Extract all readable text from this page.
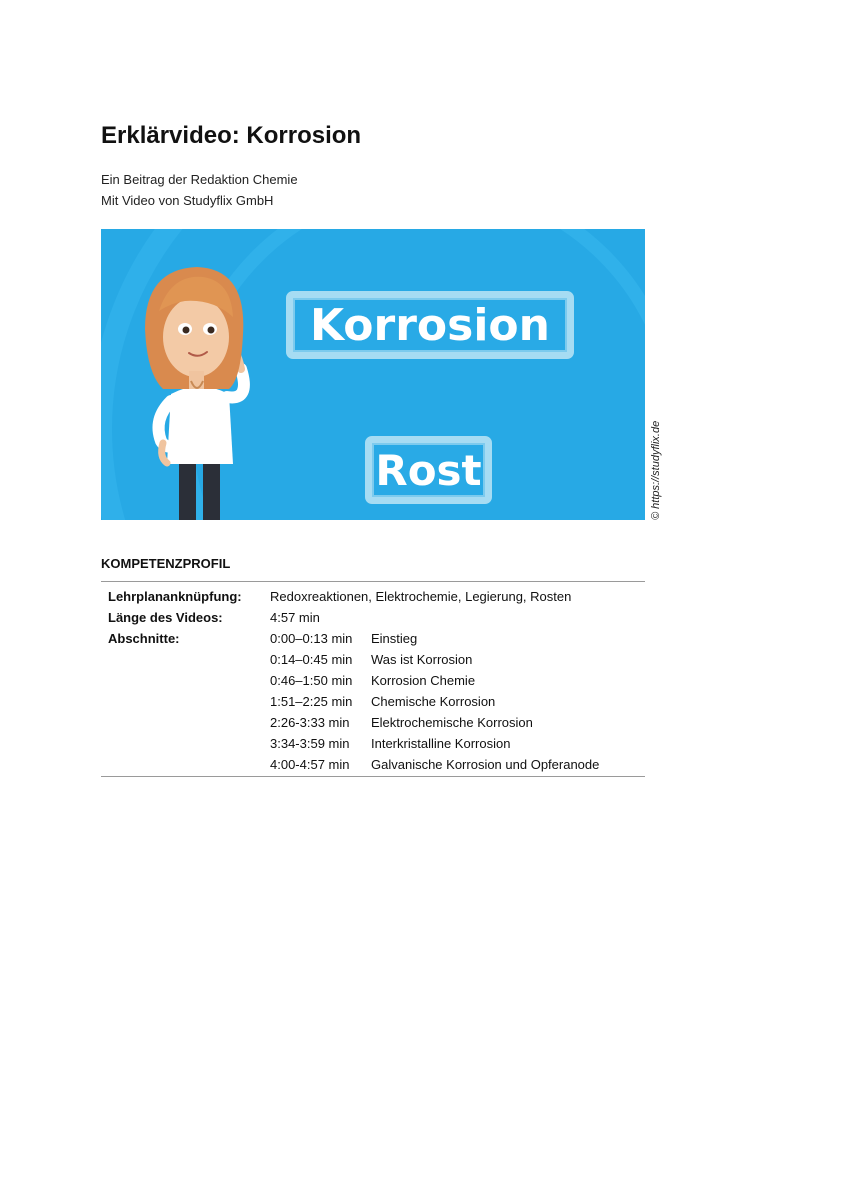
Erklärvideo: Korrosion

Ein Beitrag der Redaktion Chemie

Mit Video von Studyflix GmbH

Korrosion
Rost	© https://studyflix.de
KOMPETENZPROFIL
Lehrplananknüpfung:	Redoxreaktionen, Elektrochemie, Legierung, Rosten
Länge des Videos:	4:57 min
Abschnitte:	0:00–0:13 min	Einstieg
0:14–0:45 min	Was ist Korrosion
0:46–1:50 min	Korrosion Chemie
1:51–2:25 min	Chemische Korrosion
2:26-3:33 min	Elektrochemische Korrosion
3:34-3:59 min	Interkristalline Korrosion
4:00-4:57 min	Galvanische Korrosion und Opferanode
